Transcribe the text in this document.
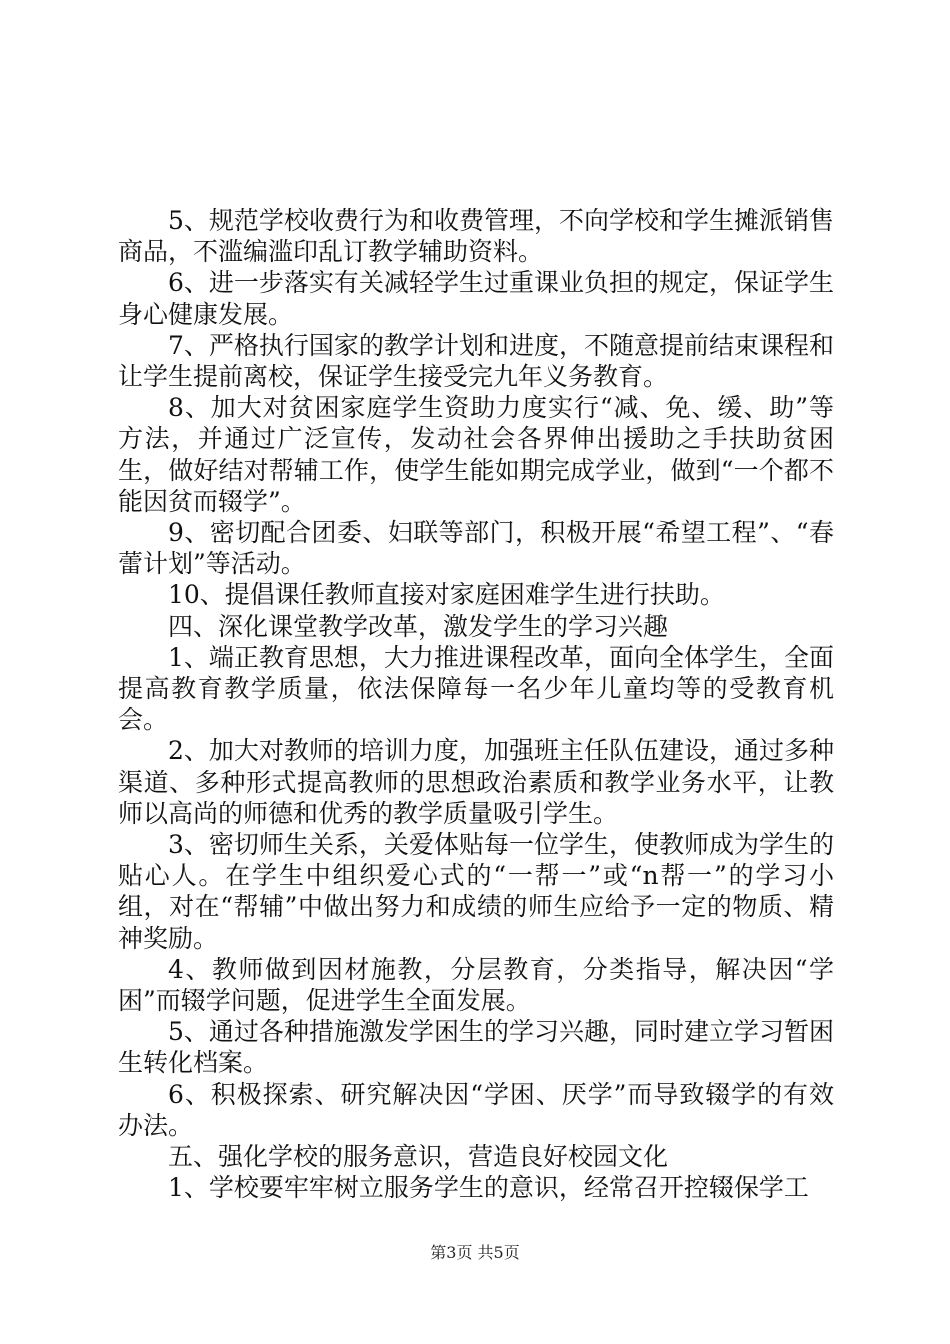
5、规范学校收费行为和收费管理，不向学校和学生摊派销售商品，不滥编滥印乱订教学辅助资料。

6、进一步落实有关减轻学生过重课业负担的规定，保证学生身心健康发展。

7、严格执行国家的教学计划和进度，不随意提前结束课程和让学生提前离校，保证学生接受完九年义务教育。

8、加大对贫困家庭学生资助力度实行“减、免、缓、助”等方法，并通过广泛宣传，发动社会各界伸出援助之手扶助贫困生，做好结对帮辅工作，使学生能如期完成学业，做到“一个都不能因贫而辍学”。

9、密切配合团委、妇联等部门，积极开展“希望工程”、“春蕾计划”等活动。

10、提倡课任教师直接对家庭困难学生进行扶助。

四、深化课堂教学改革，激发学生的学习兴趣

1、端正教育思想，大力推进课程改革，面向全体学生，全面提高教育教学质量，依法保障每一名少年儿童均等的受教育机会。

2、加大对教师的培训力度，加强班主任队伍建设，通过多种渠道、多种形式提高教师的思想政治素质和教学业务水平，让教师以高尚的师德和优秀的教学质量吸引学生。

3、密切师生关系，关爱体贴每一位学生，使教师成为学生的贴心人。在学生中组织爱心式的“一帮一”或“n帮一”的学习小组，对在“帮辅”中做出努力和成绩的师生应给予一定的物质、精神奖励。

4、教师做到因材施教，分层教育，分类指导，解决因“学困”而辍学问题，促进学生全面发展。

5、通过各种措施激发学困生的学习兴趣，同时建立学习暂困生转化档案。

6、积极探索、研究解决因“学困、厌学”而导致辍学的有效办法。

五、强化学校的服务意识，营造良好校园文化

1、学校要牢牢树立服务学生的意识，经常召开控辍保学工

第3页 共5页
